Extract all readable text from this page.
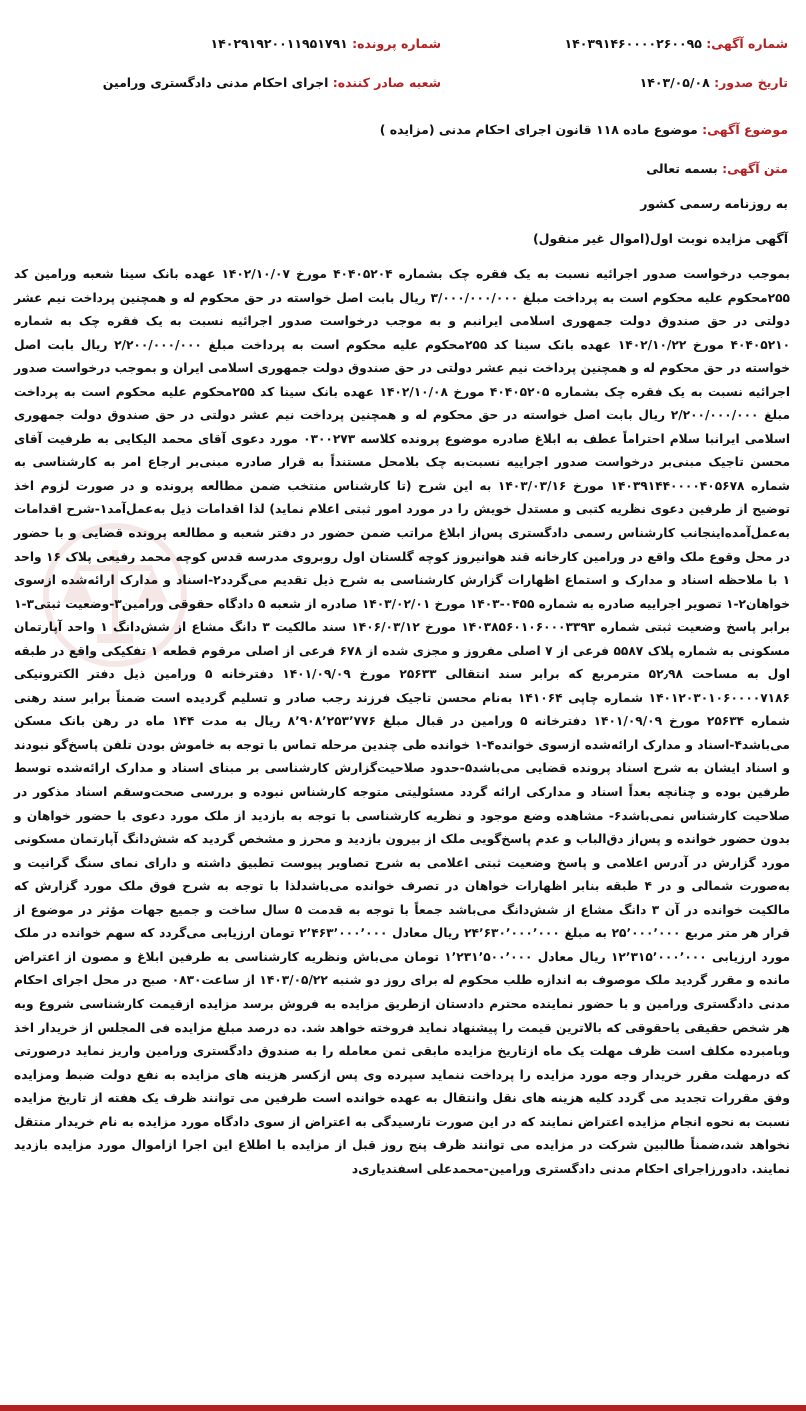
شماره آگهی: ۱۴۰۳۹۱۴۶۰۰۰۰۲۶۰۰۹۵
شماره پرونده: ۱۴۰۲۹۱۹۲۰۰۱۱۹۵۱۷۹۱
تاریخ صدور: ۱۴۰۳/۰۵/۰۸
شعبه صادر کننده: اجرای احکام مدنی دادگستری ورامین
موضوع آگهی: موضوع ماده ۱۱۸ قانون اجرای احکام مدنی (مزایده )
متن آگهی: بسمه تعالی
به روزنامه رسمی کشور
آگهی مزایده نوبت اول(اموال غیر منقول)
بموجب درخواست صدور اجرائیه نسبت به یک فقره چک بشماره ۴۰۴۰۵۲۰۴ مورخ ۱۴۰۲/۱۰/۰۷ عهده بانک سینا شعبه ورامین کد ۲۵۵محکوم علیه محکوم است به پرداخت مبلغ ۳/۰۰۰/۰۰۰/۰۰۰ ریال بابت اصل خواسته در حق محکوم له و همچنین پرداخت نیم عشر دولتی در حق صندوق دولت جمهوری اسلامی ایرانبم و به موجب درخواست صدور اجرائیه نسبت به یک فقره چک به شماره ۴۰۴۰۵۲۱۰ مورخ ۱۴۰۲/۱۰/۲۲ عهده بانک سینا کد ۲۵۵محکوم علیه محکوم است به پرداخت مبلغ ۲/۲۰۰/۰۰۰/۰۰۰ ریال بابت اصل خواسته در حق محکوم له و همچنین پرداخت نیم عشر دولتی در حق صندوق دولت جمهوری اسلامی ایران و بموجب درخواست صدور اجرائیه نسبت به یک فقره چک بشماره ۴۰۴۰۵۲۰۵ مورخ ۱۴۰۲/۱۰/۰۸ عهده بانک سینا کد ۲۵۵محکوم علیه محکوم است به پرداخت مبلغ ۲/۲۰۰/۰۰۰/۰۰۰ ریال بابت اصل خواسته در حق محکوم له و همچنین پرداخت نیم عشر دولتی در حق صندوق دولت جمهوری اسلامی ایرانبا سلام احتراماً عطف به ابلاغ صادره موضوع پرونده کلاسه ۰۳۰۰۲۷۳ مورد دعوی آقای محمد الیکایی به طرفیت آقای محسن تاجیک مبنی‌بر درخواست صدور اجراییه نسبت‌به چک بلامحل مستنداً به قرار صادره مبنی‌بر ارجاع امر به کارشناسی به شماره ۱۴۰۳۹۱۴۴۰۰۰۰۴۰۵۶۷۸ مورخ ۱۴۰۳/۰۳/۱۶ به این شرح (تا کارشناس منتخب ضمن مطالعه پرونده و در صورت لزوم اخذ توضیح از طرفین دعوی نظریه کتبی و مستدل خویش را در مورد امور ثبتی اعلام نماید) لذا اقدامات ذیل به‌عمل‌آمد۱-شرح اقدامات به‌عمل‌آمده‌اینجانب کارشناس رسمی دادگستری پس‌از ابلاغ مراتب ضمن حضور در دفتر شعبه و مطالعه پرونده قضایی و با حضور در محل وقوع ملک واقع در ورامین کارخانه قند هوانیروز کوچه گلستان اول روبروی مدرسه قدس کوچه محمد رفیعی پلاک ۱۶ واحد ۱ با ملاحظه اسناد و مدارک و استماع اظهارات گزارش کارشناسی به شرح ذیل تقدیم می‌گردد۲-اسناد و مدارک ارائه‌شده ازسوی خواهان۲-۱ تصویر اجراییه صادره به شماره ۰۴۵۵-۱۴۰۳ مورخ ۱۴۰۳/۰۲/۰۱ صادره از شعبه ۵ دادگاه حقوقی ورامین۳-وضعیت ثبتی۳-۱ برابر پاسخ وضعیت ثبتی شماره ۱۴۰۳۸۵۶۰۱۰۶۰۰۰۳۳۹۳ مورخ ۱۴۰۶/۰۳/۱۲ سند مالکیت ۳ دانگ مشاع از شش‌دانگ ۱ واحد آپارتمان مسکونی به شماره پلاک ۵۵۸۷ فرعی از ۷ اصلی مفروز و مجزی شده از ۶۷۸ فرعی از اصلی مرقوم قطعه ۱ تفکیکی واقع در طبقه اول به مساحت ۵۲٫۹۸ مترمربع که برابر سند انتقالی ۲۵۶۳۳ مورخ ۱۴۰۱/۰۹/۰۹ دفترخانه ۵ ورامین ذیل دفتر الکترونیکی ۱۴۰۱۲۰۳۰۱۰۶۰۰۰۰۷۱۸۶ شماره چاپی ۱۴۱۰۶۴ به‌نام محسن تاجیک فرزند رجب صادر و تسلیم گردیده است ضمناً برابر سند رهنی شماره ۲۵۶۳۴ مورخ ۱۴۰۱/۰۹/۰۹ دفترخانه ۵ ورامین در قبال مبلغ ۸٬۹۰۸٬۲۵۳٬۷۷۶ ریال به مدت ۱۴۴ ماه در رهن بانک مسکن می‌باشد۴-اسناد و مدارک ارائه‌شده ازسوی خوانده۴-۱ خوانده طی چندین مرحله تماس با توجه به خاموش بودن تلفن پاسخ‌گو نبودند و اسناد ایشان به شرح اسناد پرونده قضایی می‌باشد۵-حدود صلاحیت‌گزارش کارشناسی بر مبنای اسناد و مدارک ارائه‌شده توسط طرفین بوده و چنانچه بعداً اسناد و مدارکی ارائه گردد مسئولیتی متوجه کارشناس نبوده و بررسی صحت‌وسقم اسناد مذکور در صلاحیت کارشناس نمی‌باشد۶- مشاهده وضع موجود و نظریه کارشناسی با توجه به بازدید از ملک مورد دعوی با حضور خواهان و بدون حضور خوانده و پس‌از دق‌الباب و عدم پاسخ‌گویی ملک از بیرون بازدید و محرز و مشخص گردید که شش‌دانگ آپارتمان مسکونی مورد گزارش در آدرس اعلامی و پاسخ وضعیت ثبتی اعلامی به شرح تصاویر پیوست تطبیق داشته و دارای نمای سنگ گرانیت و به‌صورت شمالی و در ۴ طبقه بنابر اظهارات خواهان در تصرف خوانده می‌باشدلذا با توجه به شرح فوق ملک مورد گزارش که مالکیت خوانده در آن ۳ دانگ مشاع از شش‌دانگ می‌باشد جمعاً با توجه به قدمت ۵ سال ساخت و جمیع جهات مؤثر در موضوع از قرار هر متر مربع ۲۵٬۰۰۰٬۰۰۰ به مبلغ ۲۴٬۶۳۰٬۰۰۰٬۰۰۰ ریال معادل ۲٬۴۶۳٬۰۰۰٬۰۰۰ تومان ارزیابی می‌گردد که سهم خوانده در ملک مورد ارزیابی ۱۲٬۳۱۵٬۰۰۰٬۰۰۰ ریال معادل ۱٬۲۳۱٬۵۰۰٬۰۰۰ تومان می‌باش ونظریه کارشناسی به طرفین ابلاغ و مصون از اعتراض مانده و مقرر گردید ملک موصوف به اندازه طلب محکوم له برای روز دو شنبه ۱۴۰۳/۰۵/۲۲ از ساعت۰۸۳۰ صبح در محل اجرای احکام مدنی دادگستری ورامین و با حضور نماینده محترم دادستان ازطریق مزایده به فروش برسد مزایده ازقیمت کارشناسی شروع وبه هر شخص حقیقی یاحقوقی که بالاترین قیمت را پیشنهاد نماید فروخته خواهد شد. ده درصد مبلغ مزایده فی المجلس از خریدار اخذ وبامبرده مکلف است ظرف مهلت یک ماه ازتاریخ مزایده مابقی ثمن معامله را به صندوق دادگستری ورامین واریز نماید درصورتی که درمهلت مقرر خریدار وجه مورد مزایده را پرداخت ننماید سپرده وی پس ازکسر هزینه های مزایده به نفع دولت ضبط ومزایده وفق مقررات تجدید می گردد کلیه هزینه های نقل وانتقال به عهده خوانده است طرفین می توانند ظرف یک هفته از تاریخ مزایده نسبت به نحوه انجام مزایده اعتراض نمایند که در این صورت تارسیدگی به اعتراض از سوی دادگاه مورد مزایده به نام خریدار منتقل نخواهد شد،ضمناً طالبین شرکت در مزایده می توانند ظرف پنج روز قبل از مزایده با اطلاع این اجرا ازاموال مورد مزایده بازدید نمایند. دادورزاجرای احکام مدنی دادگستری ورامین-محمدعلی اسفندیاری‌د
